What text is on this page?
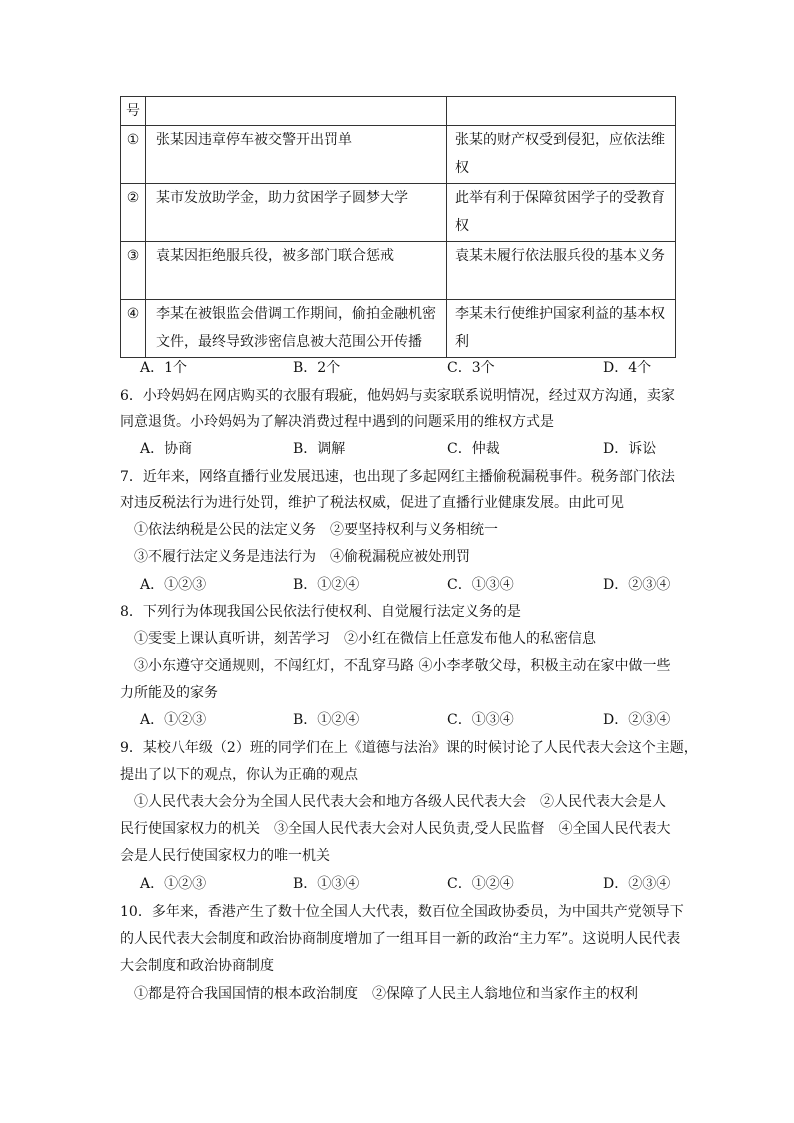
号		
①	张某因违章停车被交警开出罚单	张某的财产权受到侵犯，应依法维权
②	某市发放助学金，助力贫困学子圆梦大学	此举有利于保障贫困学子的受教育权
③	袁某因拒绝服兵役，被多部门联合惩戒	袁某未履行依法服兵役的基本义务
④	李某在被银监会借调工作期间，偷拍金融机密文件，最终导致涉密信息被大范围公开传播	李某未行使维护国家利益的基本权利
A．1个	B．2个	C．3个	D．4个
6．小玲妈妈在网店购买的衣服有瑕疵，他妈妈与卖家联系说明情况，经过双方沟通，卖家
同意退货。小玲妈妈为了解决消费过程中遇到的问题采用的维权方式是
A．协商	B．调解	C．仲裁	D．诉讼
7．近年来，网络直播行业发展迅速，也出现了多起网红主播偷税漏税事件。税务部门依法
对违反税法行为进行处罚，维护了税法权威，促进了直播行业健康发展。由此可见
①依法纳税是公民的法定义务　②要坚持权利与义务相统一
③不履行法定义务是违法行为　④偷税漏税应被处刑罚
A．①②③	B．①②④	C．①③④	D．②③④
8．下列行为体现我国公民依法行使权利、自觉履行法定义务的是
①雯雯上课认真听讲，刻苦学习　②小红在微信上任意发布他人的私密信息
③小东遵守交通规则，不闯红灯，不乱穿马路 ④小李孝敬父母，积极主动在家中做一些
力所能及的家务
A．①②③	B．①②④	C．①③④	D．②③④
9．某校八年级（2）班的同学们在上《道德与法治》课的时候讨论了人民代表大会这个主题，
提出了以下的观点，你认为正确的观点
①人民代表大会分为全国人民代表大会和地方各级人民代表大会　②人民代表大会是人
民行使国家权力的机关　③全国人民代表大会对人民负责,受人民监督　④全国人民代表大
会是人民行使国家权力的唯一机关
A．①②③	B．①③④	C．①②④	D．②③④
10．多年来，香港产生了数十位全国人大代表，数百位全国政协委员，为中国共产党领导下
的人民代表大会制度和政治协商制度增加了一组耳目一新的政治“主力军”。这说明人民代表
大会制度和政治协商制度
①都是符合我国国情的根本政治制度　②保障了人民主人翁地位和当家作主的权利
